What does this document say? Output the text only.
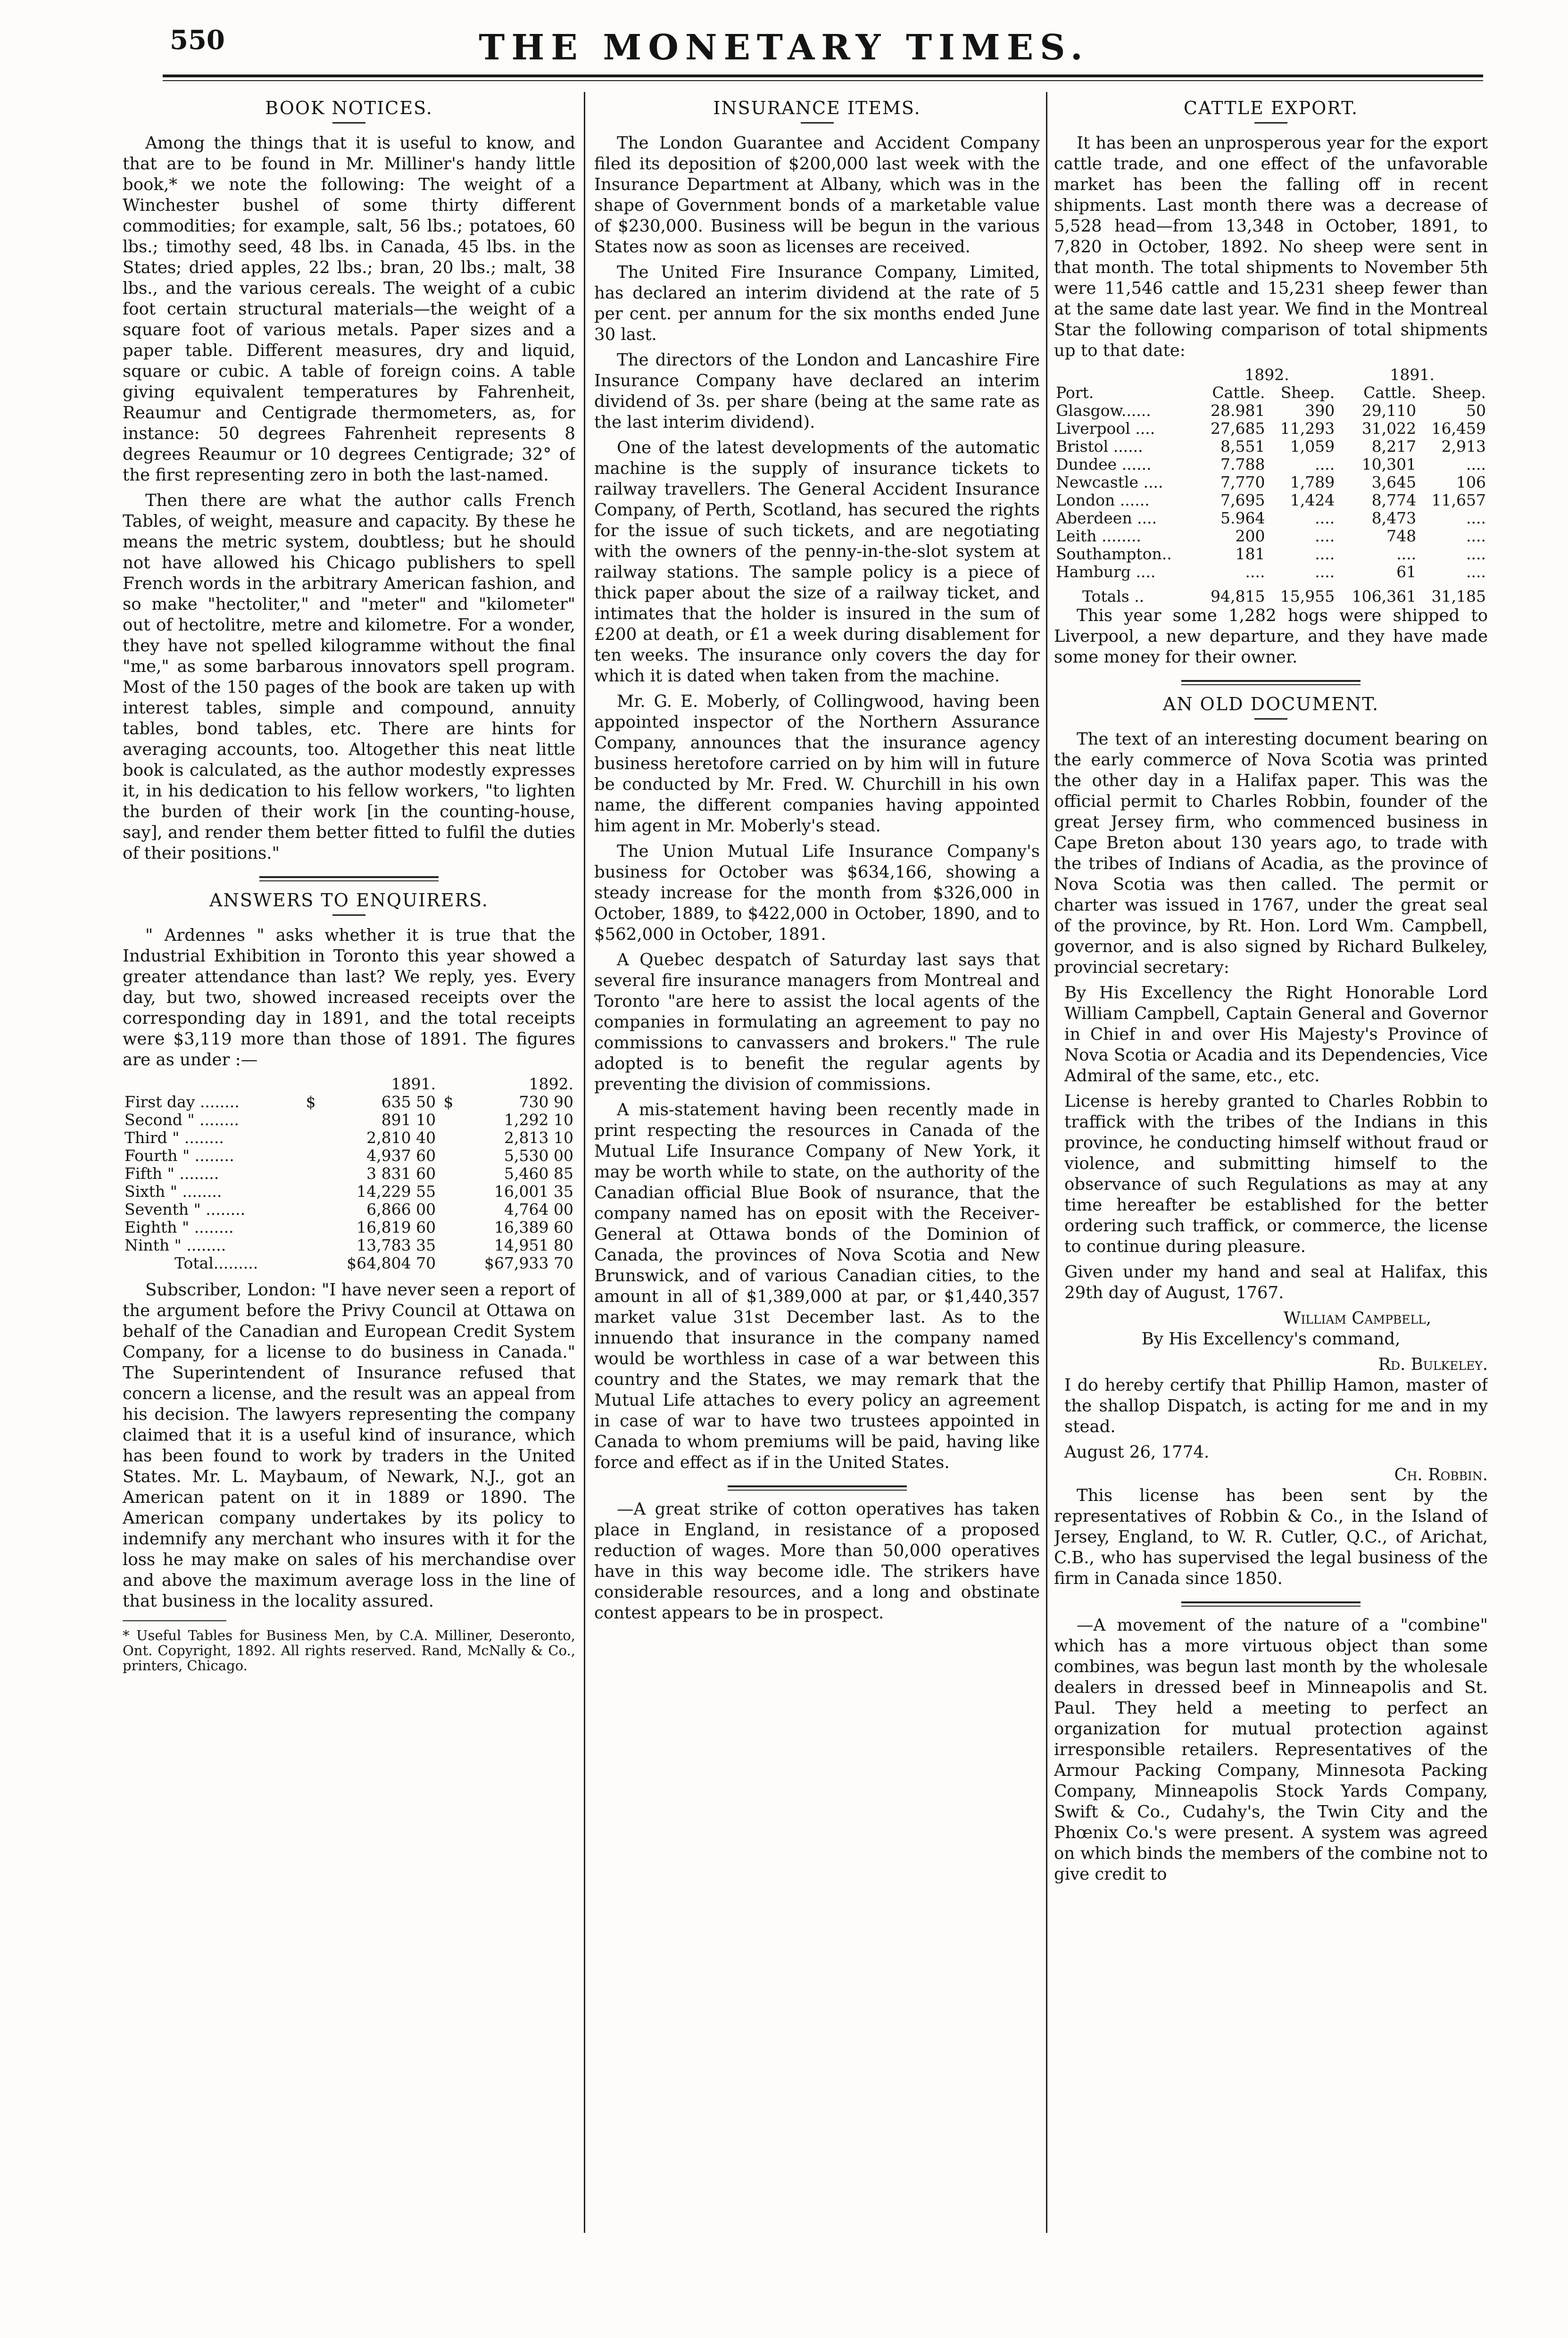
550	THE MONETARY TIMES.
BOOK NOTICES.

Among the things that it is useful to know, and that are to be found in Mr. Milliner's handy little book,* we note the following: The weight of a Winchester bushel of some thirty different commodities; for example, salt, 56 lbs.; potatoes, 60 lbs.; timothy seed, 48 lbs. in Canada, 45 lbs. in the States; dried apples, 22 lbs.; bran, 20 lbs.; malt, 38 lbs., and the various cereals. The weight of a cubic foot certain structural materials—the weight of a square foot of various metals. Paper sizes and a paper table. Different measures, dry and liquid, square or cubic. A table of foreign coins. A table giving equivalent temperatures by Fahrenheit, Reaumur and Centigrade thermometers, as, for instance: 50 degrees Fahrenheit represents 8 degrees Reaumur or 10 degrees Centigrade; 32° of the first representing zero in both the last-named.

Then there are what the author calls French Tables, of weight, measure and capacity. By these he means the metric system, doubtless; but he should not have allowed his Chicago publishers to spell French words in the arbitrary American fashion, and so make "hectoliter," and "meter" and "kilometer" out of hectolitre, metre and kilometre. For a wonder, they have not spelled kilogramme without the final "me," as some barbarous innovators spell program. Most of the 150 pages of the book are taken up with interest tables, simple and compound, annuity tables, bond tables, etc. There are hints for averaging accounts, too. Altogether this neat little book is calculated, as the author modestly expresses it, in his dedication to his fellow workers, "to lighten the burden of their work [in the counting-house, say], and render them better fitted to fulfil the duties of their positions."

ANSWERS TO ENQUIRERS.

" Ardennes " asks whether it is true that the Industrial Exhibition in Toronto this year showed a greater attendance than last? We reply, yes. Every day, but two, showed increased receipts over the corresponding day in 1891, and the total receipts were $3,119 more than those of 1891. The figures are as under :—

		1891.		1892.
First day ........	$	635 50	$	730 90
Second " ........		891 10		1,292 10
Third " ........		2,810 40		2,813 10
Fourth " ........		4,937 60		5,530 00
Fifth " ........		3 831 60		5,460 85
Sixth " ........		14,229 55		16,001 35
Seventh " ........		6,866 00		4,764 00
Eighth " ........		16,819 60		16,389 60
Ninth " ........		13,783 35		14,951 80
Total.........		$64,804 70		$67,933 70

Subscriber, London: "I have never seen a report of the argument before the Privy Council at Ottawa on behalf of the Canadian and European Credit System Company, for a license to do business in Canada." The Superintendent of Insurance refused that concern a license, and the result was an appeal from his decision. The lawyers representing the company claimed that it is a useful kind of insurance, which has been found to work by traders in the United States. Mr. L. Maybaum, of Newark, N.J., got an American patent on it in 1889 or 1890. The American company undertakes by its policy to indemnify any merchant who insures with it for the loss he may make on sales of his merchandise over and above the maximum average loss in the line of that business in the locality assured.

* Useful Tables for Business Men, by C.A. Milliner, Deseronto, Ont. Copyright, 1892. All rights reserved. Rand, McNally & Co., printers, Chicago.
INSURANCE ITEMS.

The London Guarantee and Accident Company filed its deposition of $200,000 last week with the Insurance Department at Albany, which was in the shape of Government bonds of a marketable value of $230,000. Business will be begun in the various States now as soon as licenses are received.

The United Fire Insurance Company, Limited, has declared an interim dividend at the rate of 5 per cent. per annum for the six months ended June 30 last.

The directors of the London and Lancashire Fire Insurance Company have declared an interim dividend of 3s. per share (being at the same rate as the last interim dividend).

One of the latest developments of the automatic machine is the supply of insurance tickets to railway travellers. The General Accident Insurance Company, of Perth, Scotland, has secured the rights for the issue of such tickets, and are negotiating with the owners of the penny-in-the-slot system at railway stations. The sample policy is a piece of thick paper about the size of a railway ticket, and intimates that the holder is insured in the sum of £200 at death, or £1 a week during disablement for ten weeks. The insurance only covers the day for which it is dated when taken from the machine.

Mr. G. E. Moberly, of Collingwood, having been appointed inspector of the Northern Assurance Company, announces that the insurance agency business heretofore carried on by him will in future be conducted by Mr. Fred. W. Churchill in his own name, the different companies having appointed him agent in Mr. Moberly's stead.

The Union Mutual Life Insurance Company's business for October was $634,166, showing a steady increase for the month from $326,000 in October, 1889, to $422,000 in October, 1890, and to $562,000 in October, 1891.

A Quebec despatch of Saturday last says that several fire insurance managers from Montreal and Toronto "are here to assist the local agents of the companies in formulating an agreement to pay no commissions to canvassers and brokers." The rule adopted is to benefit the regular agents by preventing the division of commissions.

A mis-statement having been recently made in print respecting the resources in Canada of the Mutual Life Insurance Company of New York, it may be worth while to state, on the authority of the Canadian official Blue Book of nsurance, that the company named has on eposit with the Receiver-General at Ottawa bonds of the Dominion of Canada, the provinces of Nova Scotia and New Brunswick, and of various Canadian cities, to the amount in all of $1,389,000 at par, or $1,440,357 market value 31st December last. As to the innuendo that insurance in the company named would be worthless in case of a war between this country and the States, we may remark that the Mutual Life attaches to every policy an agreement in case of war to have two trustees appointed in Canada to whom premiums will be paid, having like force and effect as if in the United States.

—A great strike of cotton operatives has taken place in England, in resistance of a proposed reduction of wages. More than 50,000 operatives have in this way become idle. The strikers have considerable resources, and a long and obstinate contest appears to be in prospect.

CATTLE EXPORT.

It has been an unprosperous year for the export cattle trade, and one effect of the unfavorable market has been the falling off in recent shipments. Last month there was a decrease of 5,528 head—from 13,348 in October, 1891, to 7,820 in October, 1892. No sheep were sent in that month. The total shipments to November 5th were 11,546 cattle and 15,231 sheep fewer than at the same date last year. We find in the Montreal Star the following comparison of total shipments up to that date:

	1892.		1891.	
Port.	Cattle.	Sheep.	Cattle.	Sheep.
Glasgow......	28.981	390	29,110	50
Liverpool ....	27,685	11,293	31,022	16,459
Bristol ......	8,551	1,059	8,217	2,913
Dundee ......	7.788	....	10,301	....
Newcastle ....	7,770	1,789	3,645	106
London ......	7,695	1,424	8,774	11,657
Aberdeen ....	5.964	....	8,473	....
Leith ........	200	....	748	....
Southampton..	181	....	....	....
Hamburg ....	....	....	61	....
Totals ..	94,815	15,955	106,361	31,185

This year some 1,282 hogs were shipped to Liverpool, a new departure, and they have made some money for their owner.

AN OLD DOCUMENT.

The text of an interesting document bearing on the early commerce of Nova Scotia was printed the other day in a Halifax paper. This was the official permit to Charles Robbin, founder of the great Jersey firm, who commenced business in Cape Breton about 130 years ago, to trade with the tribes of Indians of Acadia, as the province of Nova Scotia was then called. The permit or charter was issued in 1767, under the great seal of the province, by Rt. Hon. Lord Wm. Campbell, governor, and is also signed by Richard Bulkeley, provincial secretary:

By His Excellency the Right Honorable Lord William Campbell, Captain General and Governor in Chief in and over His Majesty's Province of Nova Scotia or Acadia and its Dependencies, Vice Admiral of the same, etc., etc.

License is hereby granted to Charles Robbin to traffick with the tribes of the Indians in this province, he conducting himself without fraud or violence, and submitting himself to the observance of such Regulations as may at any time hereafter be established for the better ordering such traffick, or commerce, the license to continue during pleasure.

Given under my hand and seal at Halifax, this 29th day of August, 1767.

William Campbell,

By His Excellency's command,

Rd. Bulkeley.

I do hereby certify that Phillip Hamon, master of the shallop Dispatch, is acting for me and in my stead.

August 26, 1774.

Ch. Robbin.

This license has been sent by the representatives of Robbin & Co., in the Island of Jersey, England, to W. R. Cutler, Q.C., of Arichat, C.B., who has supervised the legal business of the firm in Canada since 1850.

—A movement of the nature of a "combine" which has a more virtuous object than some combines, was begun last month by the wholesale dealers in dressed beef in Minneapolis and St. Paul. They held a meeting to perfect an organization for mutual protection against irresponsible retailers. Representatives of the Armour Packing Company, Minnesota Packing Company, Minneapolis Stock Yards Company, Swift & Co., Cudahy's, the Twin City and the Phœnix Co.'s were present. A system was agreed on which binds the members of the combine not to give credit to
